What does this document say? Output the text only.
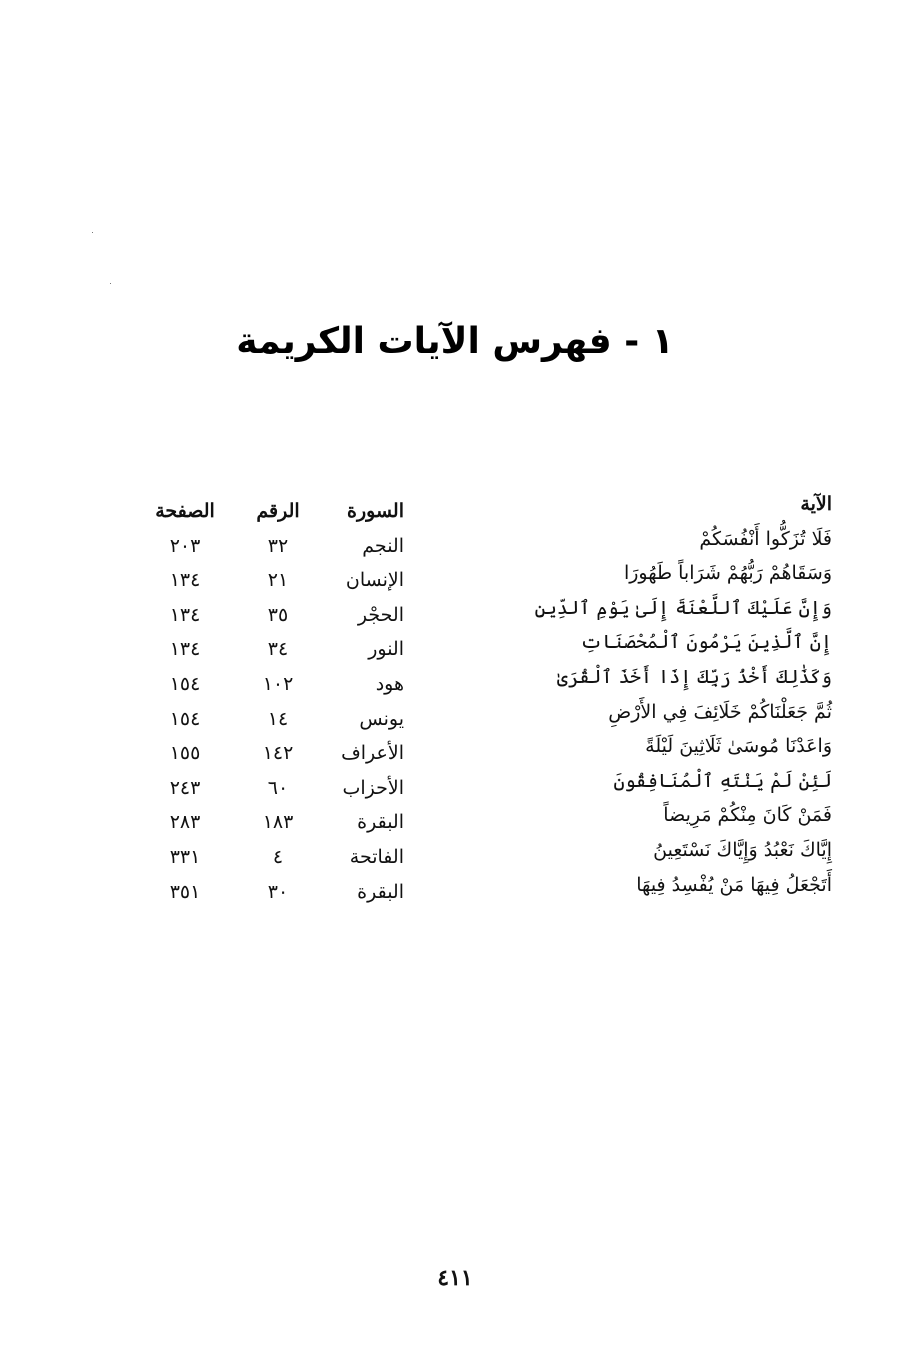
١ - فهرس الآيات الكريمة
الآية
فَلَا تُزَكُّوا أَنْفُسَكُمْ
وَسَقَاهُمْ رَبُّهُمْ شَرَاباً طَهُورَا
وَإِنَّ عَلَيْكَ ٱللَّعْنَةَ إِلَىٰ يَوْمِ ٱلدِّينِ
إِنَّ ٱلَّذِينَ يَرْمُونَ ٱلْمُحْصَنَاتِ
وَكَذَٰلِكَ أَخْذُ رَبِّكَ إِذَا أَخَذَ ٱلْقُرَىٰ
ثُمَّ جَعَلْنَاكُمْ خَلَائِفَ فِي الأَرْضِ
وَاعَدْنَا مُوسَىٰ ثَلَاثِينَ لَيْلَةً
لَئِنْ لَمْ يَنْتَهِ ٱلْمُنَافِقُونَ
فَمَنْ كَانَ مِنْكُمْ مَرِيضاً
إِيَّاكَ نَعْبُدُ وَإِيَّاكَ نَسْتَعِينُ
أَتَجْعَلُ فِيهَا مَنْ يُفْسِدُ فِيهَا
السورة
النجم
الإنسان
الحجْر
النور
هود
يونس
الأعراف
الأحزاب
البقرة
الفاتحة
البقرة
الرقم
٣٢
٢١
٣٥
٣٤
١٠٢
١٤
١٤٢
٦٠
١٨٣
٤
٣٠
الصفحة
٢٠٣
١٣٤
١٣٤
١٣٤
١٥٤
١٥٤
١٥٥
٢٤٣
٢٨٣
٣٣١
٣٥١
٤١١
